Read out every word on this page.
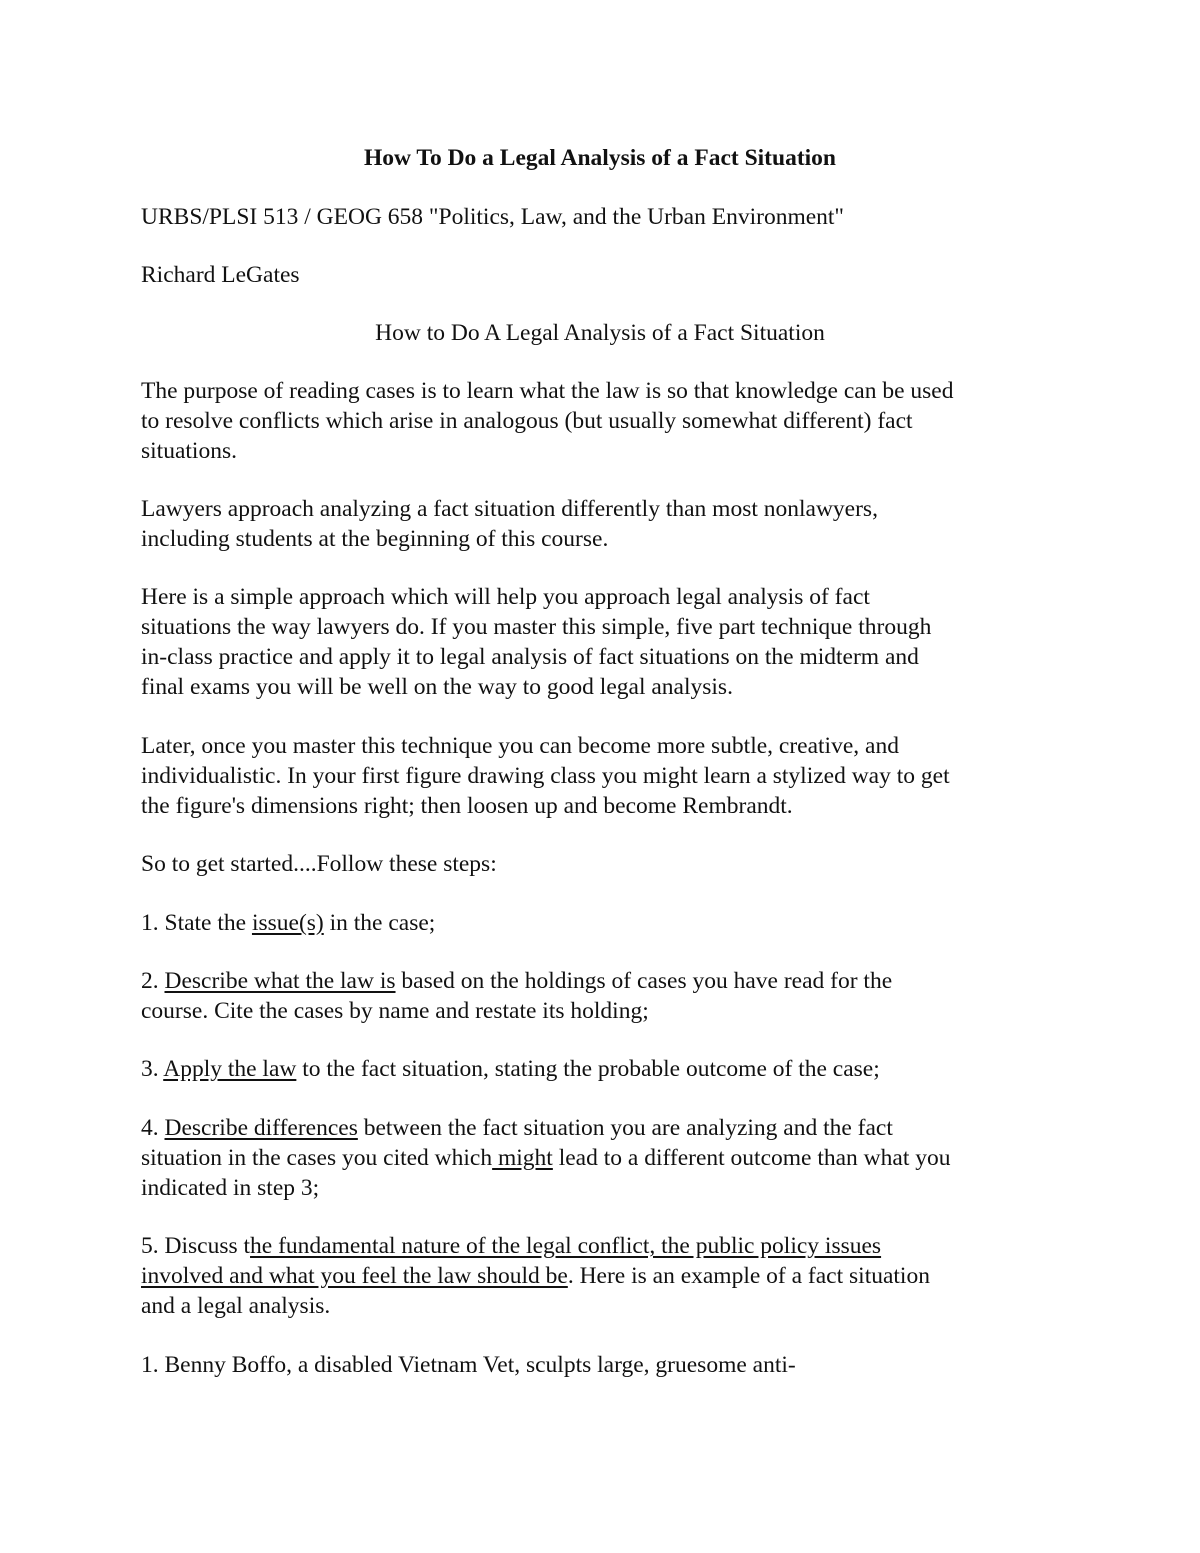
How To Do a Legal Analysis of a Fact Situation

URBS/PLSI 513 / GEOG 658 "Politics, Law, and the Urban Environment"

Richard LeGates

How to Do A Legal Analysis of a Fact Situation

The purpose of reading cases is to learn what the law is so that knowledge can be used

to resolve conflicts which arise in analogous (but usually somewhat different) fact

situations.

Lawyers approach analyzing a fact situation differently than most nonlawyers,

including students at the beginning of this course.

Here is a simple approach which will help you approach legal analysis of fact

situations the way lawyers do. If you master this simple, five part technique through

in-class practice and apply it to legal analysis of fact situations on the midterm and

final exams you will be well on the way to good legal analysis.

Later, once you master this technique you can become more subtle, creative, and

individualistic. In your first figure drawing class you might learn a stylized way to get

the figure's dimensions right; then loosen up and become Rembrandt.

So to get started....Follow these steps:

1. State the issue(s) in the case;

2. Describe what the law is based on the holdings of cases you have read for the

course. Cite the cases by name and restate its holding;

3. Apply the law to the fact situation, stating the probable outcome of the case;

4. Describe differences between the fact situation you are analyzing and the fact

situation in the cases you cited which might lead to a different outcome than what you

indicated in step 3;

5. Discuss the fundamental nature of the legal conflict, the public policy issues

involved and what you feel the law should be. Here is an example of a fact situation

and a legal analysis.

1. Benny Boffo, a disabled Vietnam Vet, sculpts large, gruesome anti-
